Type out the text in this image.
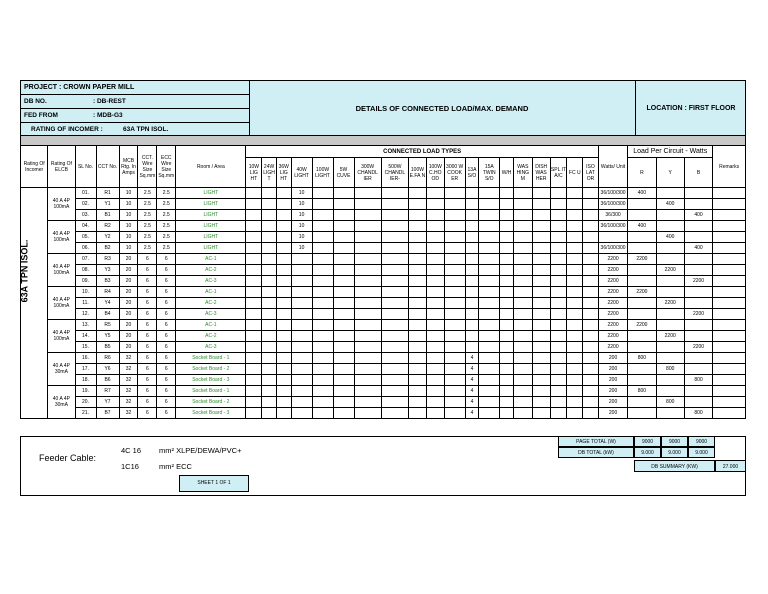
PROJECT : CROWN PAPER MILL
DB NO.	: DB-REST
FED FROM	: MDB-G3
RATING OF INCOMER :	63A TPN ISOL.
DETAILS OF CONNECTED LOAD/MAX. DEMAND	LOCATION : FIRST FLOOR
Rating Of Incomer	Rating Of ELCB	SL No.	CCT No.	MCB Rtg. In Amps	CCT. Wire Size Sq.mm	ECC Wire Size Sq.mm	Room / Area	CONNECTED LOAD TYPES																			Watts/ Unit	Load Per Circuit - Watts			Remarks
								10W LIG HT	24W LIGH T	36W LIG HT	40W LIGHT	100W LIGHT	5W CUVE	300W CHANDL IER	500W CHANDL IER-	100W E.FA N	100W C.HO OD	3000 W COOK ER	13A S/O	15A TWIN S/O	W/H	WAS HING M	DISH WAS HER	SPL IT A/C	FC U	ISO LAT OR		R	Y	B	

63A TPN ISOL.	40 A 4P 100mA	01.	R1	10	2.5	2.5	LIGHT				10																36/100/300	400			
		02.	Y1	10	2.5	2.5	LIGHT				10																36/100/300		400		
		03.	B1	10	2.5	2.5	LIGHT				10																36/300			400	
	40 A 4P 100mA	04.	R2	10	2.5	2.5	LIGHT				10																36/100/300	400			
		05.	Y2	10	2.5	2.5	LIGHT				10																		400		
		06.	B2	10	2.5	2.5	LIGHT				10																36/100/300			400	
	40 A 4P 100mA	07.	R3	20	6	6	AC-1																				2200	2200			
		08.	Y3	20	6	6	AC-2																				2200		2200		
		09.	B3	20	6	6	AC-3																				2200			2200	
	40 A 4P 100mA	10.	R4	20	6	6	AC-1																				2200	2200			
		11.	Y4	20	6	6	AC-2																				2200		2200		
		12.	B4	20	6	6	AC-3																				2200			2200	
	40 A 4P 100mA	13.	R5	20	6	6	AC-1																				2200	2200			
		14.	Y5	20	6	6	AC-2																				2200		2200		
		15.	B5	20	6	6	AC-3																				2200			2200	
	40 A 4P 30mA	16.	R6	32	6	6	Socket Board - 1												4								200	800			
		17.	Y6	32	6	6	Socket Board - 2												4								200		800		
		18.	B6	32	6	6	Socket Board - 3												4								200			800	
	40 A 4P 30mA	19.	R7	32	6	6	Socket Board - 1												4								200	800			
		20.	Y7	32	6	6	Socket Board - 2												4								200		800		
		21.	B7	32	6	6	Socket Board - 3												4								200			800	
Feeder Cable:
4C 16 mm² XLPE/DEWA/PVC+
1C16	mm² ECC
SHEET 1 OF 1
PAGE TOTAL (W)	9000	9000	9000
DB TOTAL (kW)	9.000	9.000	9.000
DB SUMMARY (KW)	27.000
